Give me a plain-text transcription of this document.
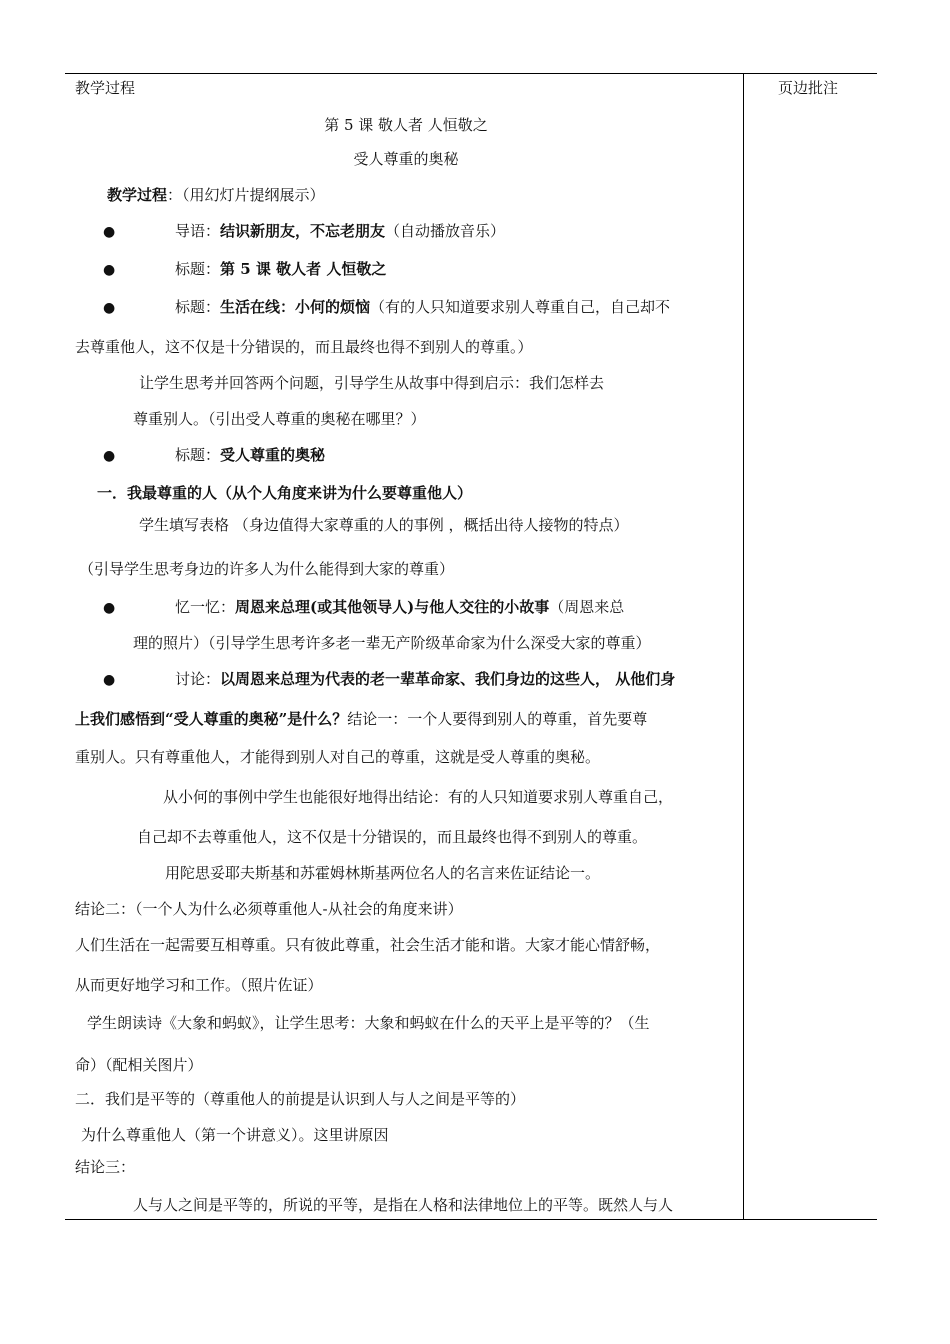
教学过程	页边批注
第 5 课 敬人者 人恒敬之
受人尊重的奥秘
教学过程：（用幻灯片提纲展示）
●	导语：结识新朋友，不忘老朋友（自动播放音乐）
●	标题：第 5 课 敬人者 人恒敬之
●	标题：生活在线：小何的烦恼（有的人只知道要求别人尊重自己，自己却不
去尊重他人，这不仅是十分错误的，而且最终也得不到别人的尊重。）
让学生思考并回答两个问题，引导学生从故事中得到启示：我们怎样去
尊重别人。（引出受人尊重的奥秘在哪里？）
●	标题：受人尊重的奥秘
一．我最尊重的人（从个人角度来讲为什么要尊重他人）
学生填写表格 （身边值得大家尊重的人的事例 ，概括出待人接物的特点）
（引导学生思考身边的许多人为什么能得到大家的尊重）
●	忆一忆：周恩来总理(或其他领导人)与他人交往的小故事（周恩来总
理的照片）（引导学生思考许多老一辈无产阶级革命家为什么深受大家的尊重）
●	讨论：以周恩来总理为代表的老一辈革命家、我们身边的这些人， 从他们身
上我们感悟到“受人尊重的奥秘”是什么？结论一：一个人要得到别人的尊重，首先要尊
重别人。只有尊重他人，才能得到别人对自己的尊重，这就是受人尊重的奥秘。
从小何的事例中学生也能很好地得出结论：有的人只知道要求别人尊重自己，
自己却不去尊重他人，这不仅是十分错误的，而且最终也得不到别人的尊重。
用陀思妥耶夫斯基和苏霍姆林斯基两位名人的名言来佐证结论一。
结论二：（一个人为什么必须尊重他人-从社会的角度来讲）
人们生活在一起需要互相尊重。只有彼此尊重，社会生活才能和谐。大家才能心情舒畅，
从而更好地学习和工作。（照片佐证）
学生朗读诗《大象和蚂蚁》，让学生思考：大象和蚂蚁在什么的天平上是平等的？（生
命）（配相关图片）
二．我们是平等的（尊重他人的前提是认识到人与人之间是平等的）
为什么尊重他人（第一个讲意义）。这里讲原因
结论三：
人与人之间是平等的，所说的平等，是指在人格和法律地位上的平等。既然人与人
